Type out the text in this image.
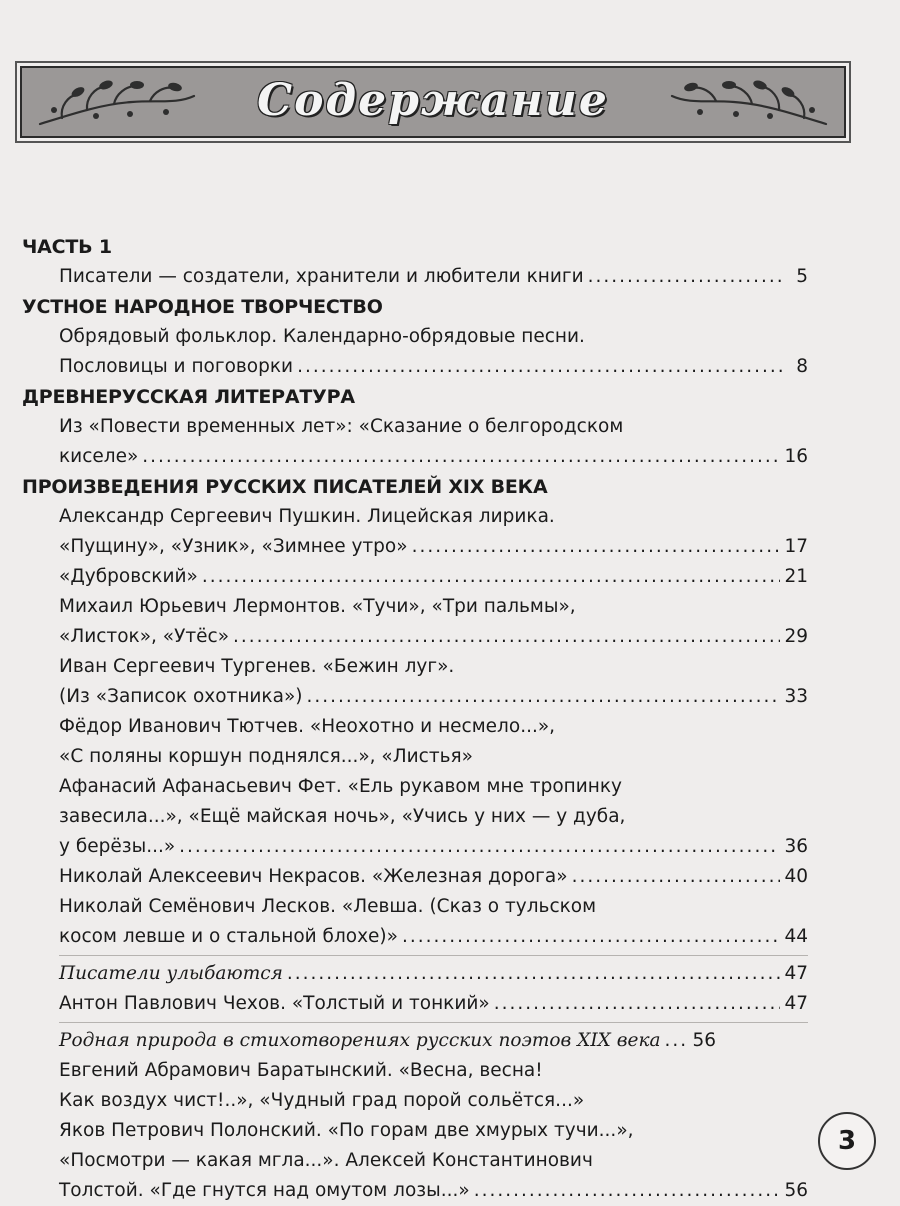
Содержание
ЧАСТЬ 1
Писатели — создатели, хранители и любители книги .....	5
УСТНОЕ НАРОДНОЕ ТВОРЧЕСТВО
Обрядовый фольклор. Календарно-обрядовые песни.
Пословицы и поговорки .....	8
ДРЕВНЕРУССКАЯ ЛИТЕРАТУРА
Из «Повести временных лет»: «Сказание о белгородском
киселе» .....	16
ПРОИЗВЕДЕНИЯ РУССКИХ ПИСАТЕЛЕЙ XIX ВЕКА
Александр Сергеевич Пушкин. Лицейская лирика.
«Пущину», «Узник», «Зимнее утро» .....	17
«Дубровский» .....	21
Михаил Юрьевич Лермонтов. «Тучи», «Три пальмы»,
«Листок», «Утёс» .....	29
Иван Сергеевич Тургенев. «Бежин луг».
(Из «Записок охотника») .....	33
Фёдор Иванович Тютчев. «Неохотно и несмело...»,
«С поляны коршун поднялся...», «Листья»
Афанасий Афанасьевич Фет. «Ель рукавом мне тропинку
завесила...», «Ещё майская ночь», «Учись у них — у дуба,
у берёзы...» .....	36
Николай Алексеевич Некрасов. «Железная дорога» .....	40
Николай Семёнович Лесков. «Левша. (Сказ о тульском
косом левше и о стальной блохе)» .....	44
Писатели улыбаются .....	47
Антон Павлович Чехов. «Толстый и тонкий» .....	47
Родная природа в стихотворениях русских поэтов XIX века ..... 56
Евгений Абрамович Баратынский. «Весна, весна!
Как воздух чист!..», «Чудный град порой сольётся...»
Яков Петрович Полонский. «По горам две хмурых тучи...»,
«Посмотри — какая мгла...». Алексей Константинович
Толстой. «Где гнутся над омутом лозы...» .....	56
3
